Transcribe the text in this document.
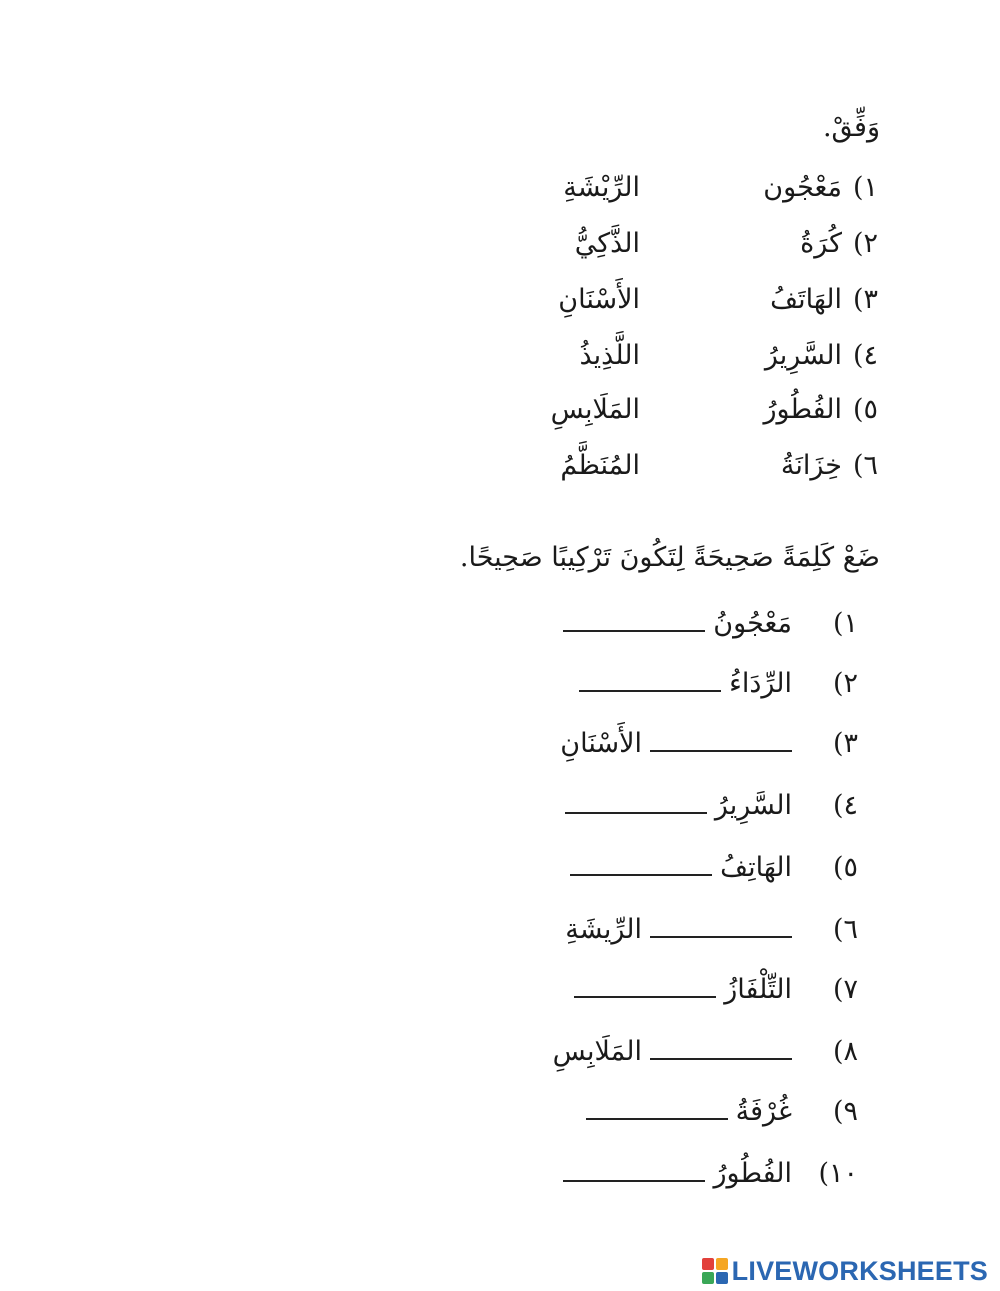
وَفِّقْ.
١)
مَعْجُون
الرِّيْشَةِ
٢)
كُرَةُ
الذَّكِيُّ
٣)
الهَاتَفُ
الأَسْنَانِ
٤)
السَّرِيرُ
اللَّذِيذُ
٥)
الفُطُورُ
المَلَابِسِ
٦)
خِزَانَةُ
المُنَظَّمُ
ضَعْ كَلِمَةً صَحِيحَةً لِتَكُونَ تَرْكِيبًا صَحِيحًا.
١)
مَعْجُونُ
٢)
الرِّدَاءُ
٣)
الأَسْنَانِ
٤)
السَّرِيرُ
٥)
الهَاتِفُ
٦)
الرِّيشَةِ
٧)
التِّلْفَازُ
٨)
المَلَابِسِ
٩)
غُرْفَةُ
١٠)
الفُطُورُ
LIVEWORKSHEETS
